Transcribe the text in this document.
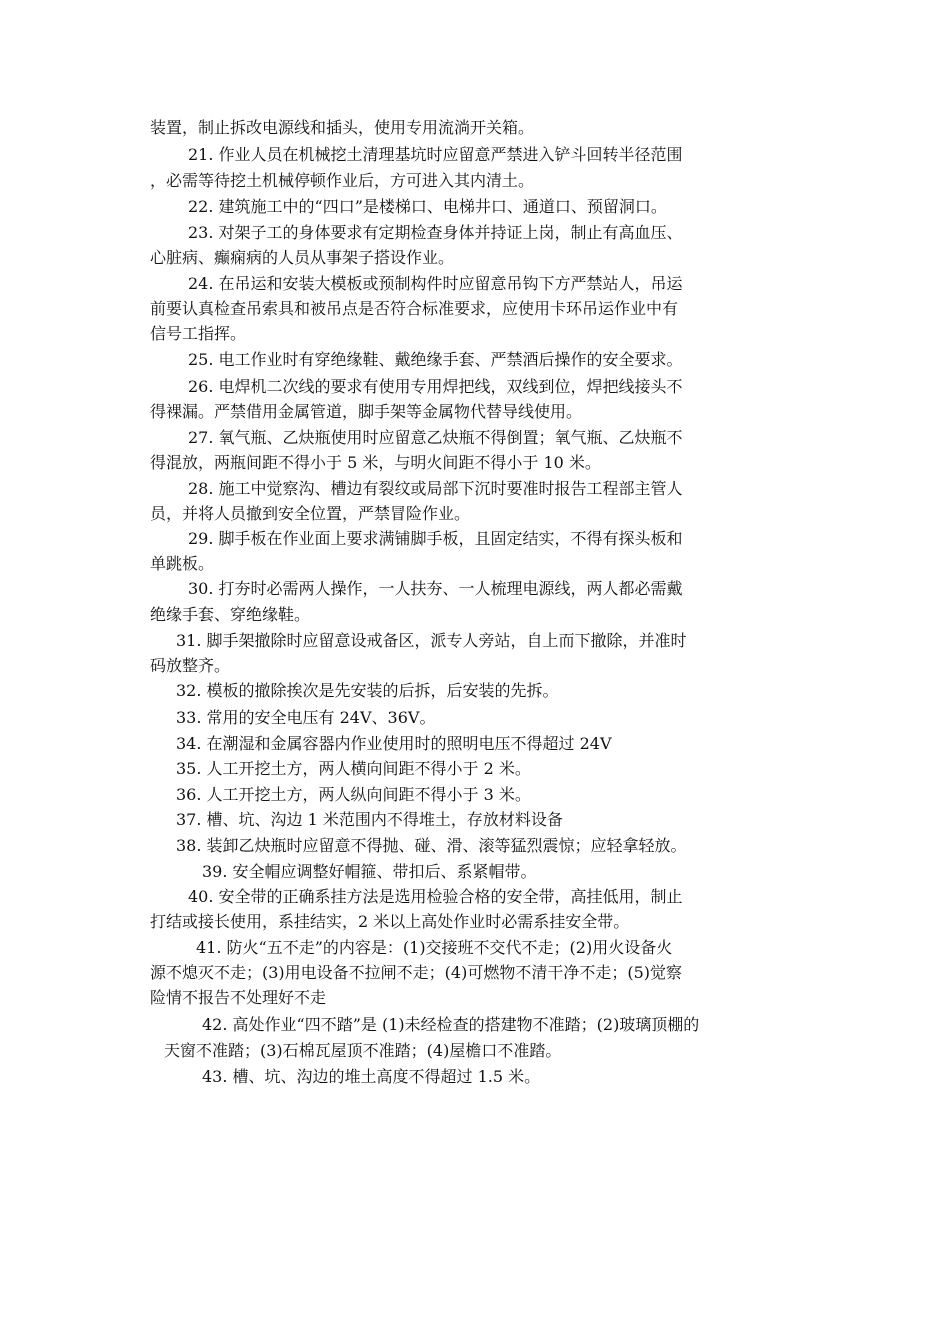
装置，制止拆改电源线和插头，使用专用流淌开关箱。
21. 作业人员在机械挖土清理基坑时应留意严禁进入铲斗回转半径范围
，必需等待挖土机械停顿作业后，方可进入其内清土。
22. 建筑施工中的“四口”是楼梯口、电梯井口、通道口、预留洞口。
23. 对架子工的身体要求有定期检查身体并持证上岗，制止有高血压、
心脏病、癫痫病的人员从事架子搭设作业。
24. 在吊运和安装大模板或预制构件时应留意吊钩下方严禁站人，吊运
前要认真检查吊索具和被吊点是否符合标准要求，应使用卡环吊运作业中有
信号工指挥。
25. 电工作业时有穿绝缘鞋、戴绝缘手套、严禁酒后操作的安全要求。
26. 电焊机二次线的要求有使用专用焊把线，双线到位，焊把线接头不
得裸漏。严禁借用金属管道，脚手架等金属物代替导线使用。
27. 氧气瓶、乙炔瓶使用时应留意乙炔瓶不得倒置；氧气瓶、乙炔瓶不
得混放，两瓶间距不得小于 5 米，与明火间距不得小于 10 米。
28. 施工中觉察沟、槽边有裂纹或局部下沉时要准时报告工程部主管人
员，并将人员撤到安全位置，严禁冒险作业。
29. 脚手板在作业面上要求满铺脚手板，且固定结实，不得有探头板和
单跳板。
30. 打夯时必需两人操作，一人扶夯、一人梳理电源线，两人都必需戴
绝缘手套、穿绝缘鞋。
31. 脚手架撤除时应留意设戒备区，派专人旁站，自上而下撤除，并准时
码放整齐。
32. 模板的撤除挨次是先安装的后拆，后安装的先拆。
33. 常用的安全电压有 24V、36V。
34. 在潮湿和金属容器内作业使用时的照明电压不得超过 24V
35. 人工开挖土方，两人横向间距不得小于 2 米。
36. 人工开挖土方，两人纵向间距不得小于 3 米。
37. 槽、坑、沟边 1 米范围内不得堆土，存放材料设备
38. 装卸乙炔瓶时应留意不得抛、碰、滑、滚等猛烈震惊；应轻拿轻放。
39. 安全帽应调整好帽箍、带扣后、系紧帽带。
40. 安全带的正确系挂方法是选用检验合格的安全带，高挂低用，制止
打结或接长使用，系挂结实，2 米以上高处作业时必需系挂安全带。
41. 防火“五不走”的内容是：(1)交接班不交代不走；(2)用火设备火
源不熄灭不走；(3)用电设备不拉闸不走；(4)可燃物不清干净不走；(5)觉察
险情不报告不处理好不走
42. 高处作业“四不踏”是 (1)未经检查的搭建物不准踏；(2)玻璃顶棚的
天窗不准踏；(3)石棉瓦屋顶不准踏；(4)屋檐口不准踏。
43. 槽、坑、沟边的堆土高度不得超过 1.5 米。
